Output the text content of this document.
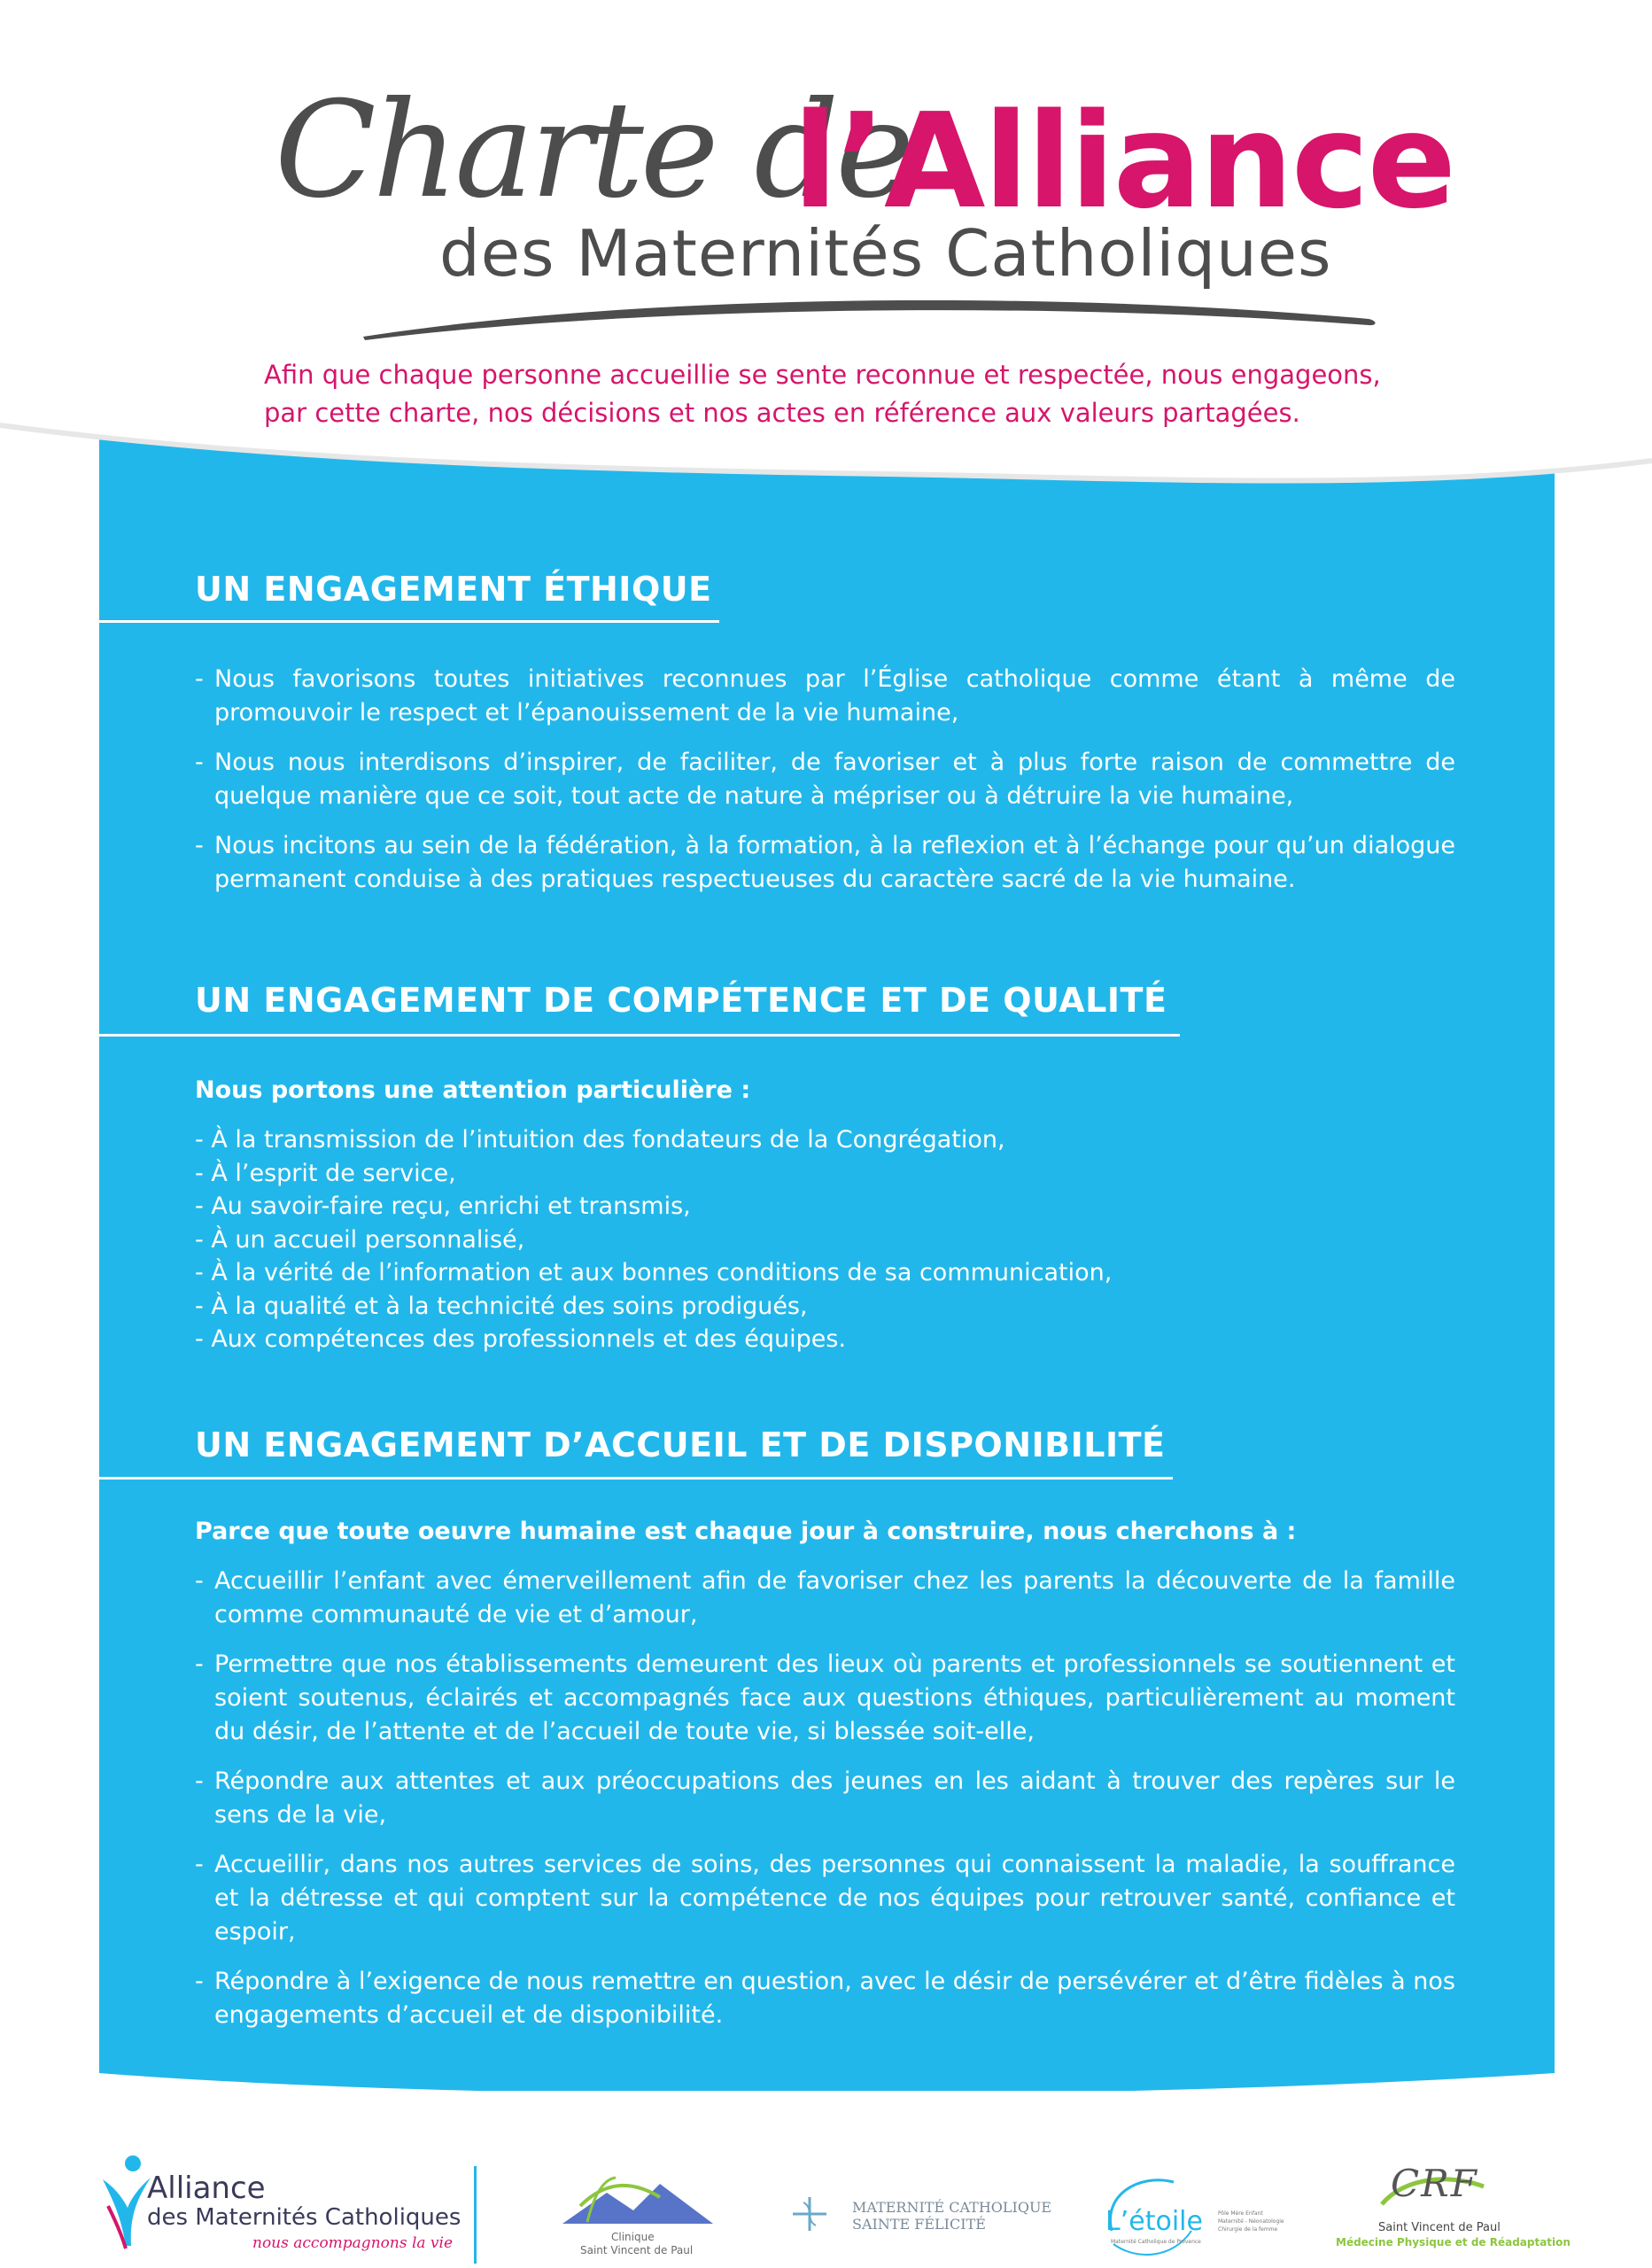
Charte de
l’Alliance
des Maternités Catholiques
Afin que chaque personne accueillie se sente reconnue et respectée, nous engageons,
par cette charte, nos décisions et nos actes en référence aux valeurs partagées.
UN ENGAGEMENT ÉTHIQUE
- Nous favorisons toutes initiatives reconnues par l’Église catholique comme étant à même de promouvoir le respect et l’épanouissement de la vie humaine,
- Nous nous interdisons d’inspirer, de faciliter, de favoriser et à plus forte raison de commettre de quelque manière que ce soit, tout acte de nature à mépriser ou à détruire la vie humaine,
- Nous incitons au sein de la fédération, à la formation, à la reflexion et à l’échange pour qu’un dialogue permanent conduise à des pratiques respectueuses du caractère sacré de la vie humaine.
UN ENGAGEMENT DE COMPÉTENCE ET DE QUALITÉ
Nous portons une attention particulière :
- À la transmission de l’intuition des fondateurs de la Congrégation,
- À l’esprit de service,
- Au savoir-faire reçu, enrichi et transmis,
- À un accueil personnalisé,
- À la vérité de l’information et aux bonnes conditions de sa communication,
- À la qualité et à la technicité des soins prodigués,
- Aux compétences des professionnels et des équipes.
UN ENGAGEMENT D’ACCUEIL ET DE DISPONIBILITÉ
Parce que toute oeuvre humaine est chaque jour à construire, nous cherchons à :
- Accueillir l’enfant avec émerveillement afin de favoriser chez les parents la découverte de la famille comme communauté de vie et d’amour,
- Permettre que nos établissements demeurent des lieux où parents et professionnels se soutiennent et soient soutenus, éclairés et accompagnés face aux questions éthiques, particulièrement au moment du désir, de l’attente et de l’accueil de toute vie, si blessée soit-elle,
- Répondre aux attentes et aux préoccupations des jeunes en les aidant à trouver des repères sur le sens de la vie,
- Accueillir, dans nos autres services de soins, des personnes qui connaissent la maladie, la souffrance et la détresse et qui comptent sur la compétence de nos équipes pour retrouver santé, confiance et espoir,
- Répondre à l’exigence de nous remettre en question, avec le désir de persévérer et d’être fidèles à nos engagements d’accueil et de disponibilité.
Alliance
des Maternités Catholiques
nous accompagnons la vie	Clinique
Saint Vincent de Paul
MATERNITÉ CATHOLIQUE
SAINTE FÉLICITÉ	L’étoile
Maternité Catholique de Provence
Pôle Mère Enfant
Maternité - Néonatologie
Chirurgie de la femme
CRF
Saint Vincent de Paul
Médecine Physique et de Réadaptation
